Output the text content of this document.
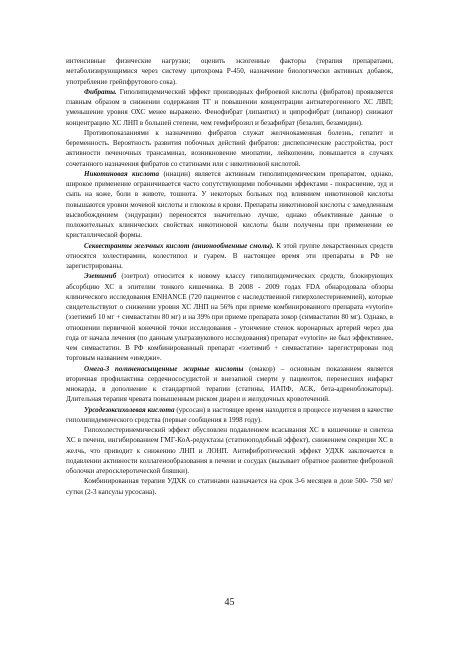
интенсивные физические нагрузки; оценить экзогенные факторы (терапия препаратами, метаболизирующимися через систему цитохрома Р-450, назначение биологически активных добавок, употребление грейпфрутового сока).

Фибраты. Гиполипидемический эффект производных фиброевой кислоты (фибратов) проявляется главным образом в снижении содержания ТГ и повышении концентрации антиатерогенного ХС ЛВП; уменьшение уровня ОХС менее выражено. Фенофибрат (липантил) и ципрофибрат (липанор) снижают концентрацию ХС ЛНП в большей степени, чем гемфиброзил и безафибрат (безалип, безамидин).

Противопоказаниями к назначению фибратов служат желчнокаменная болезнь, гепатит и беременность. Вероятность развития побочных действий фибратов: диспепсические расстройства, рост активности печеночных трансаминаз, возникновение миопатии, лейкопении, повышается в случаях сочетанного назначения фибратов со статинами или с никотиновой кислотой.

Никотиновая кислота (ниацин) является активным гиполипидемическим препаратом, однако, широкое применение ограничивается часто сопутствующими побочными эффектами - покраснение, зуд и сыпь на коже, боли в животе, тошнота. У некоторых больных под влиянием никотиновой кислоты повышаются уровни мочевой кислоты и глюкозы в крови. Препараты никотиновой кислоты с замедленным высвобождением (эндурацин) переносятся значительно лучше, однако объективные данные о положительных клинических свойствах никотиновой кислоты были получены при применении ее кристаллической формы.

Секвестранты желчных кислот (анионообменные смолы). К этой группе лекарственных средств относятся холестирамин, колестипол и гуарем. В настоящее время эти препараты в РФ не зарегистрированы.

Эзетимиб (эзетрол) относится к новому классу гиполипидемических средств, блокирующих абсорбцию ХС в эпителии тонкого кишечника. В 2008 - 2009 годах FDA обнародовала обзоры клинического исследования ENHANCE (720 пациентов с наследственной гиперхолестеринемией), которые свидетельствуют о снижении уровня ХС ЛНП на 56% при приеме комбинированного препарата «vytorin» (эзетимиб 10 мг + симвастатин 80 мг) и на 39% при приеме препарата зокор (симвастатин 80 мг). Однако, в отношении первичной конечной точки исследования - утончение стенок коронарных артерий через два года от начала лечения (по данным ультразвукового исследования) препарат «vytorin» не был эффективнее, чем симвастатин. В РФ комбинированный препарат «эзетимиб + симвастатин» зарегистрирован под торговым названием «инеджи».

Омега-3 полиненасыщенные жирные кислоты (омакор) – основным показанием является вторичная профилактика сердечнососудистой и внезапной смерти у пациентов, перенесших инфаркт миокарда, в дополнение к стандартной терапии (статины, ИАПФ, АСК, бета-адреноблокаторы). Длительная терапия чревата повышенным риском диареи и желудочных кровотечений.

Урсодезоксихолевая кислота (урсосан) в настоящее время находится в процессе изучения в качестве гиполипидемического средства (первые сообщения в 1998 году).

Гипохолестеринемический эффект обусловлен подавлением всасывания ХС в кишечнике и синтеза ХС в печени, ингибированием ГМГ-КоА-редуктазы (статиноподобный эффект), снижением секреции ХС в желчь, что приводит к снижению ЛНП и ЛОНП. Антифибротический эффект УДХК заключается в подавлении активности коллагенообразования в печени и сосудах (вызывает обратное развитие фиброзной оболочки атеросклеротической бляшки).

Комбинированная терапия УДХК со статинами назначается на срок 3-6 месяцев в дозе 500- 750 мг/сутки (2-3 капсулы урсосана).

45
